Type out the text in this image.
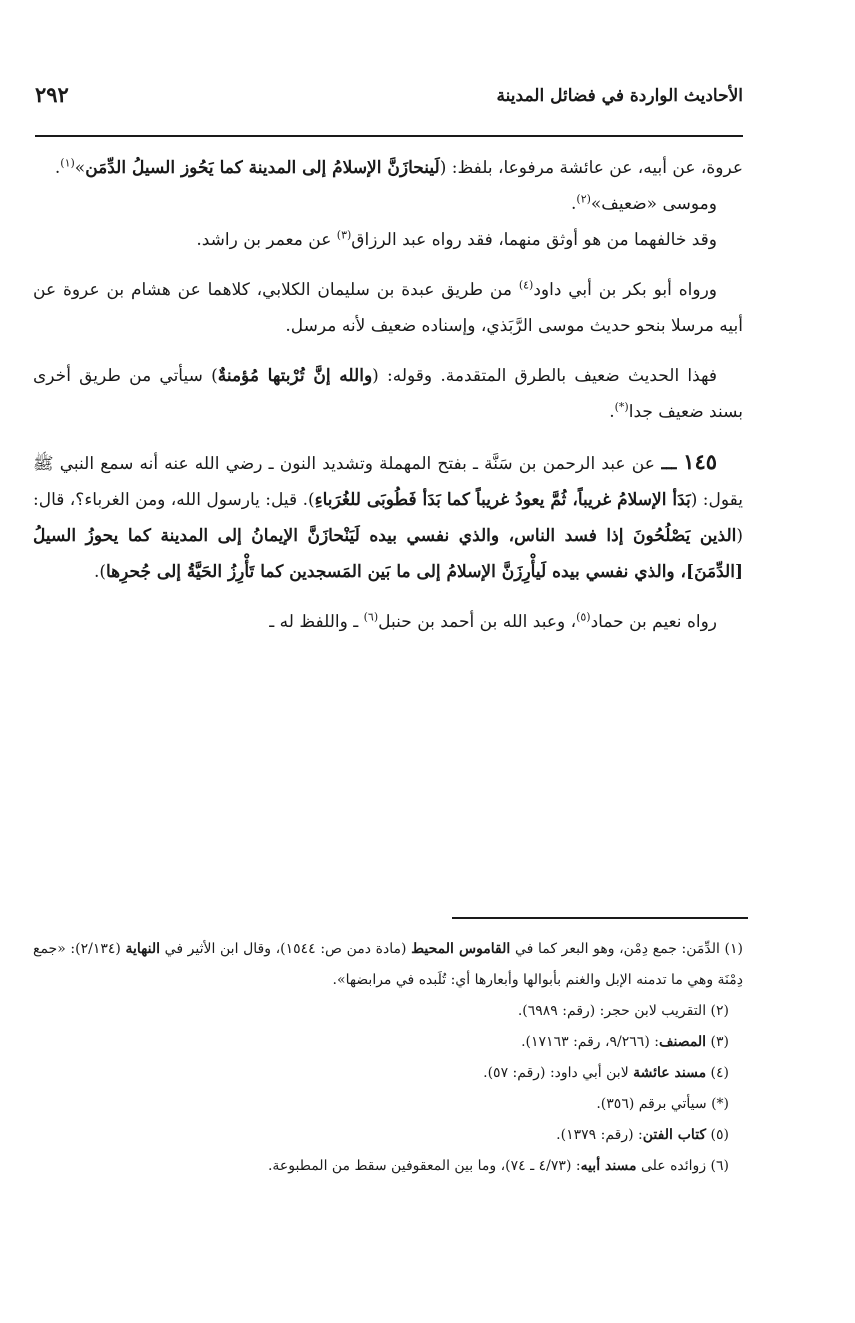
الأحاديث الواردة في فضائل المدينة
٢٩٢

عروة، عن أبيه، عن عائشة مرفوعا، بلفظ: (لَينحازَنَّ الإسلامُ إلى المدينة كما يَحُوز السيلُ الدِّمَن»$^{(١)}$.

وموسى «ضعيف»$^{(٢)}$.

وقد خالفهما من هو أوثق منهما، فقد رواه عبد الرزاق$^{(٣)}$ عن معمر بن راشد.

ورواه أبو بكر بن أبي داود$^{(٤)}$ من طريق عبدة بن سليمان الكلابي، كلاهما عن هشام بن عروة عن أبيه مرسلا بنحو حديث موسى الرَّبَذي، وإسناده ضعيف لأنه مرسل.

فهذا الحديث ضعيف بالطرق المتقدمة. وقوله: (والله إنَّ تُرْبتها مُؤمنةٌ) سيأتي من طريق أخرى بسند ضعيف جدا(*).

١٤٥ ـــ عن عبد الرحمن بن سَنَّة ـ بفتح المهملة وتشديد النون ـ رضي الله عنه أنه سمع النبي ﷺ يقول: (بَدَأ الإسلامُ غريباً، ثُمَّ يعودُ غريباً كما بَدَأ فَطُوبَى للغُرَباءِ). قيل: يارسول الله، ومن الغرباء؟، قال: (الذين يَصْلُحُونَ إذا فسد الناس، والذي نفسي بيده لَيَنْحازَنَّ الإيمانُ إلى المدينة كما يحوزُ السيلُ [الدِّمَنَ]، والذي نفسي بيده لَيأْرِزَنَّ الإسلامُ إلى ما بَين المَسجدين كما تَأْرِزُ الحَيَّةُ إلى جُحرِها).

رواه نعيم بن حماد$^{(٥)}$، وعبد الله بن أحمد بن حنبل$^{(٦)}$ ـ واللفظ له ـ

(١) الدِّمَن: جمع دِمْن، وهو البعر كما في القاموس المحيط (مادة دمن ص: ١٥٤٤)، وقال ابن الأثير في النهاية (٢/١٣٤): «جمع دِمْنَة وهي ما تدمنه الإبل والغنم بأبوالها وأبعارها أي: تُلَبده في مرابضها».

(٢) التقريب لابن حجر: (رقم: ٦٩٨٩).

(٣) المصنف: (٩/٢٦٦، رقم: ١٧١٦٣).

(٤) مسند عائشة لابن أبي داود: (رقم: ٥٧).

(*) سيأتي برقم (٣٥٦).

(٥) كتاب الفتن: (رقم: ١٣٧٩).

(٦) زوائده على مسند أبيه: (٤/٧٣ ـ ٧٤)، وما بين المعقوفين سقط من المطبوعة.
